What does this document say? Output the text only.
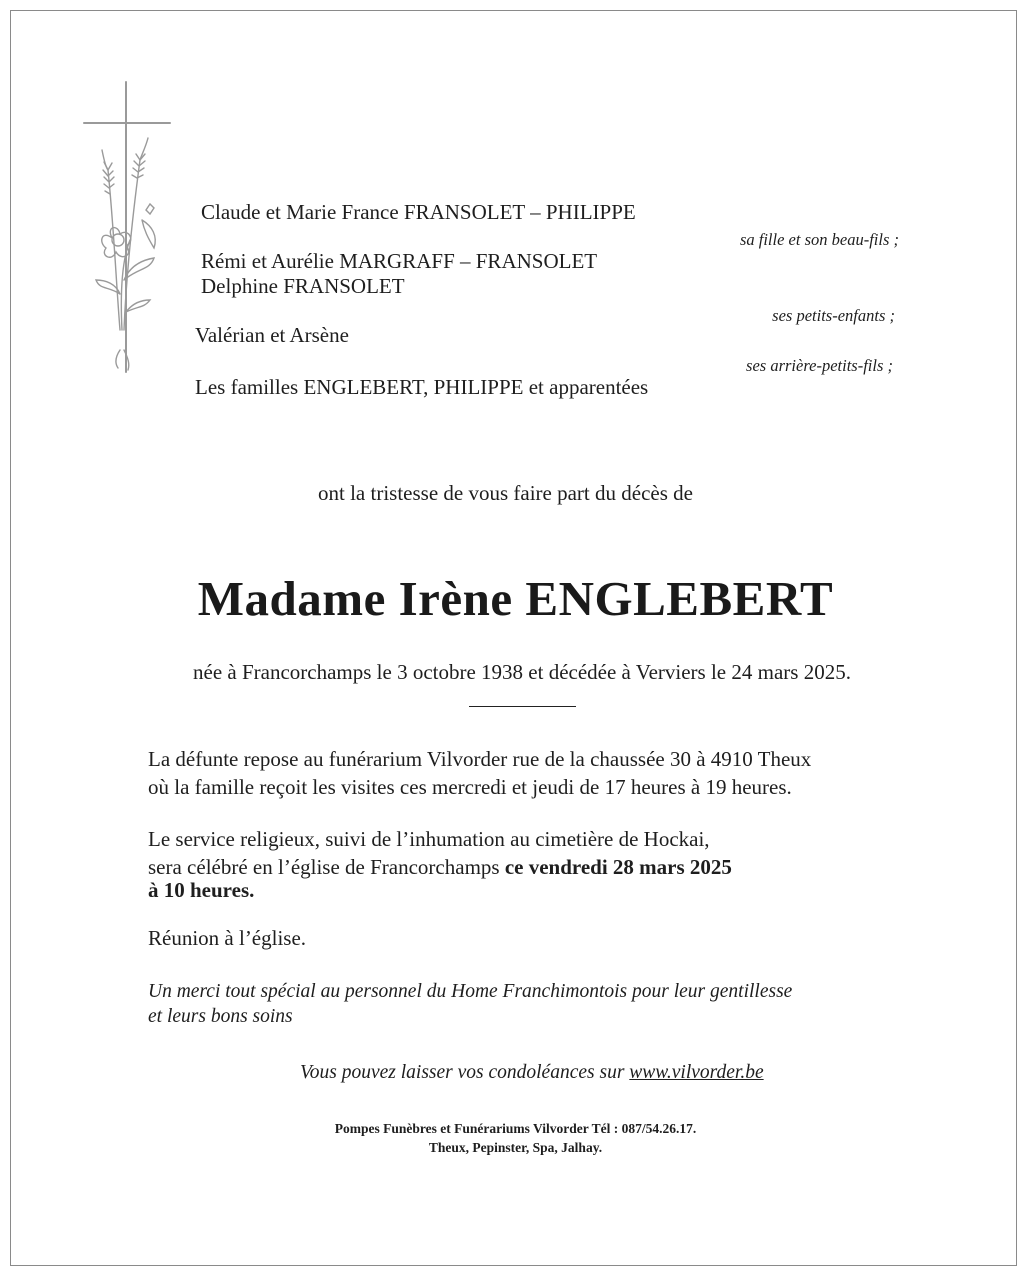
Claude et Marie France FRANSOLET – PHILIPPE
sa fille et son beau-fils ;
Rémi et Aurélie MARGRAFF – FRANSOLET
Delphine FRANSOLET
ses petits-enfants ;
Valérian et Arsène
ses arrière-petits-fils ;
Les familles ENGLEBERT, PHILIPPE et apparentées
ont la tristesse de vous faire part du décès de
Madame Irène ENGLEBERT
née à Francorchamps le 3 octobre 1938 et décédée à Verviers le 24 mars 2025.
La défunte repose au funérarium Vilvorder rue de la chaussée 30 à 4910 Theux
où la famille reçoit les visites ces mercredi et jeudi de 17 heures à 19 heures.
Le service religieux, suivi de l’inhumation au cimetière de Hockai,
sera célébré en l’église de Francorchamps ce vendredi 28 mars 2025
à 10 heures.
Réunion à l’église.
Un merci tout spécial au personnel du Home Franchimontois pour leur gentillesse
et leurs bons soins
Vous pouvez laisser vos condoléances sur www.vilvorder.be
Pompes Funèbres et Funérariums Vilvorder Tél : 087/54.26.17.
Theux, Pepinster, Spa, Jalhay.
